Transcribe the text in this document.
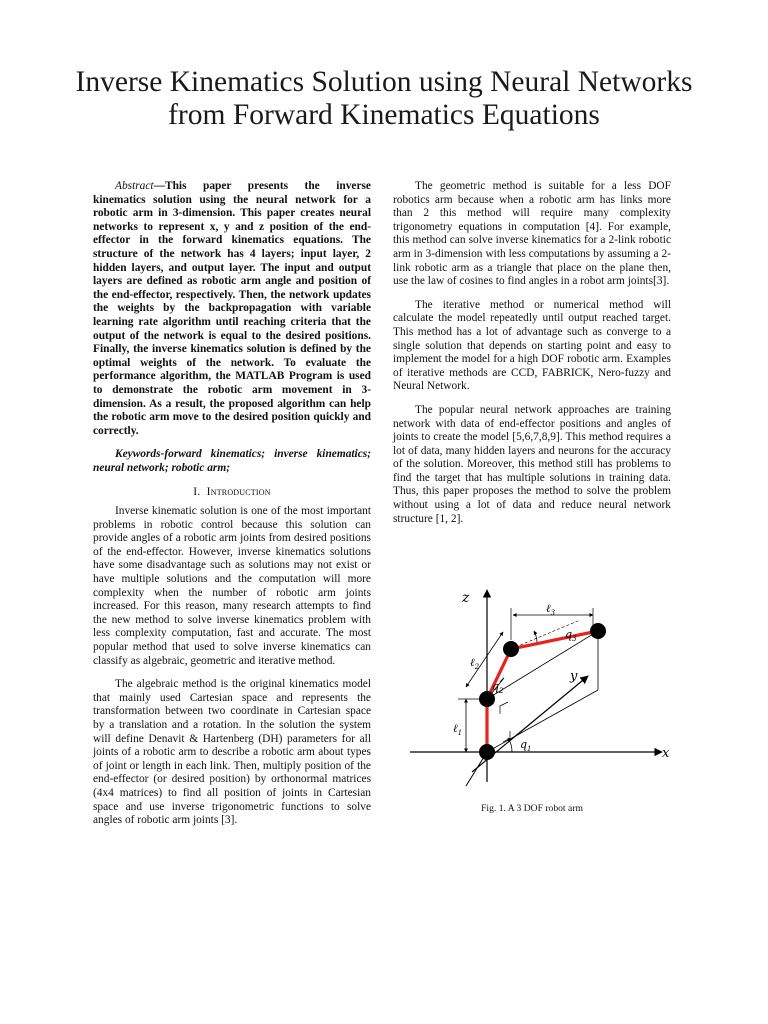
Inverse Kinematics Solution using Neural Networks
from Forward Kinematics Equations

Abstract—This paper presents the inverse kinematics solution using the neural network for a robotic arm in 3-dimension. This paper creates neural networks to represent x, y and z position of the end-effector in the forward kinematics equations. The structure of the network has 4 layers; input layer, 2 hidden layers, and output layer. The input and output layers are defined as robotic arm angle and position of the end-effector, respectively. Then, the network updates the weights by the backpropagation with variable learning rate algorithm until reaching criteria that the output of the network is equal to the desired positions. Finally, the inverse kinematics solution is defined by the optimal weights of the network. To evaluate the performance algorithm, the MATLAB Program is used to demonstrate the robotic arm movement in 3-dimension. As a result, the proposed algorithm can help the robotic arm move to the desired position quickly and correctly.

Keywords-forward kinematics; inverse kinematics; neural network; robotic arm;

I. Introduction

Inverse kinematic solution is one of the most important problems in robotic control because this solution can provide angles of a robotic arm joints from desired positions of the end-effector. However, inverse kinematics solutions have some disadvantage such as solutions may not exist or have multiple solutions and the computation will more complexity when the number of robotic arm joints increased. For this reason, many research attempts to find the new method to solve inverse kinematics problem with less complexity computation, fast and accurate. The most popular method that used to solve inverse kinematics can classify as algebraic, geometric and iterative method.

The algebraic method is the original kinematics model that mainly used Cartesian space and represents the transformation between two coordinate in Cartesian space by a translation and a rotation. In the solution the system will define Denavit & Hartenberg (DH) parameters for all joints of a robotic arm to describe a robotic arm about types of joint or length in each link. Then, multiply position of the end-effector (or desired position) by orthonormal matrices (4x4 matrices) to find all position of joints in Cartesian space and use inverse trigonometric functions to solve angles of robotic arm joints [3].

The geometric method is suitable for a less DOF robotics arm because when a robotic arm has links more than 2 this method will require many complexity trigonometry equations in computation [4]. For example, this method can solve inverse kinematics for a 2-link robotic arm in 3-dimension with less computations by assuming a 2-link robotic arm as a triangle that place on the plane then, use the law of cosines to find angles in a robot arm joints[3].

The iterative method or numerical method will calculate the model repeatedly until output reached target. This method has a lot of advantage such as converge to a single solution that depends on starting point and easy to implement the model for a high DOF robotic arm. Examples of iterative methods are CCD, FABRICK, Nero-fuzzy and Neural Network.

The popular neural network approaches are training network with data of end-effector positions and angles of joints to create the model [5,6,7,8,9]. This method requires a lot of data, many hidden layers and neurons for the accuracy of the solution. Moreover, this method still has problems to find the target that has multiple solutions in training data. Thus, this paper proposes the method to solve the problem without using a lot of data and reduce neural network structure [1, 2].

z
x
y
ℓ$_1$
ℓ$_2$
ℓ$_3$
$q_1$
$q_2$
$q_3$
Fig. 1. A 3 DOF robot arm
